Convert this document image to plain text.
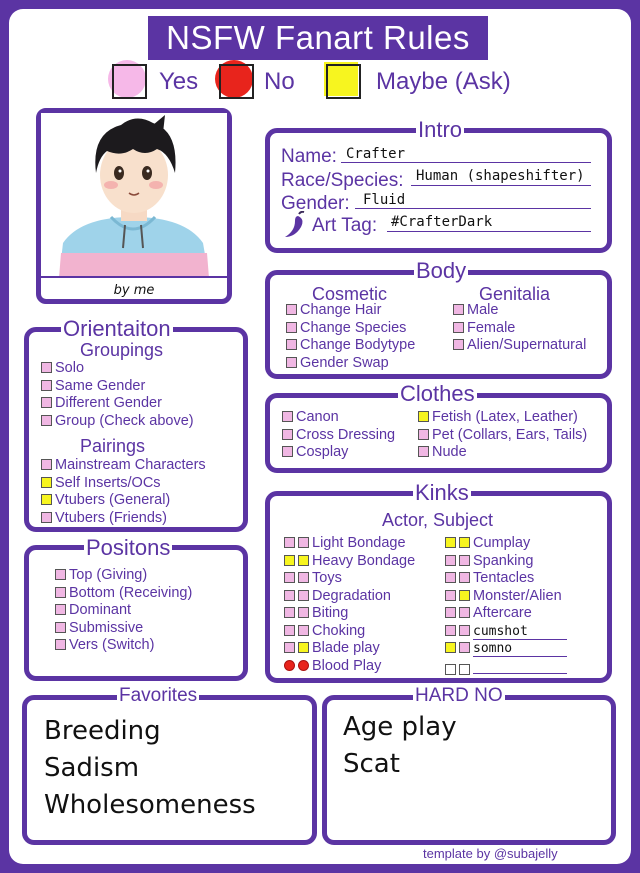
NSFW Fanart Rules
Yes	No	Maybe (Ask)
by me
Intro
Name: Crafter
Race/Species: Human (shapeshifter)
Gender: Fluid
Art Tag: #CrafterDark
Body
Cosmetic	Genitalia
Change Hair
Change Species
Change Bodytype
Gender Swap
Male
Female
Alien/Supernatural
Orientaiton
Groupings
Solo
Same Gender
Different Gender
Group (Check above)
Pairings
Mainstream Characters
Self Inserts/OCs
Vtubers (General)
Vtubers (Friends)
Clothes
Canon
Cross Dressing
Cosplay
Fetish (Latex, Leather)
Pet (Collars, Ears, Tails)
Nude
Positons
Top (Giving)
Bottom (Receiving)
Dominant
Submissive
Vers (Switch)
Kinks
Actor, Subject
Light Bondage
Heavy Bondage
Toys
Degradation
Biting
Choking
Blade play
Blood Play
Cumplay
Spanking
Tentacles
Monster/Alien
Aftercare
cumshot
somno
Favorites
Breeding
Sadism
Wholesomeness
HARD NO
Age play
Scat
template by @subajelly
